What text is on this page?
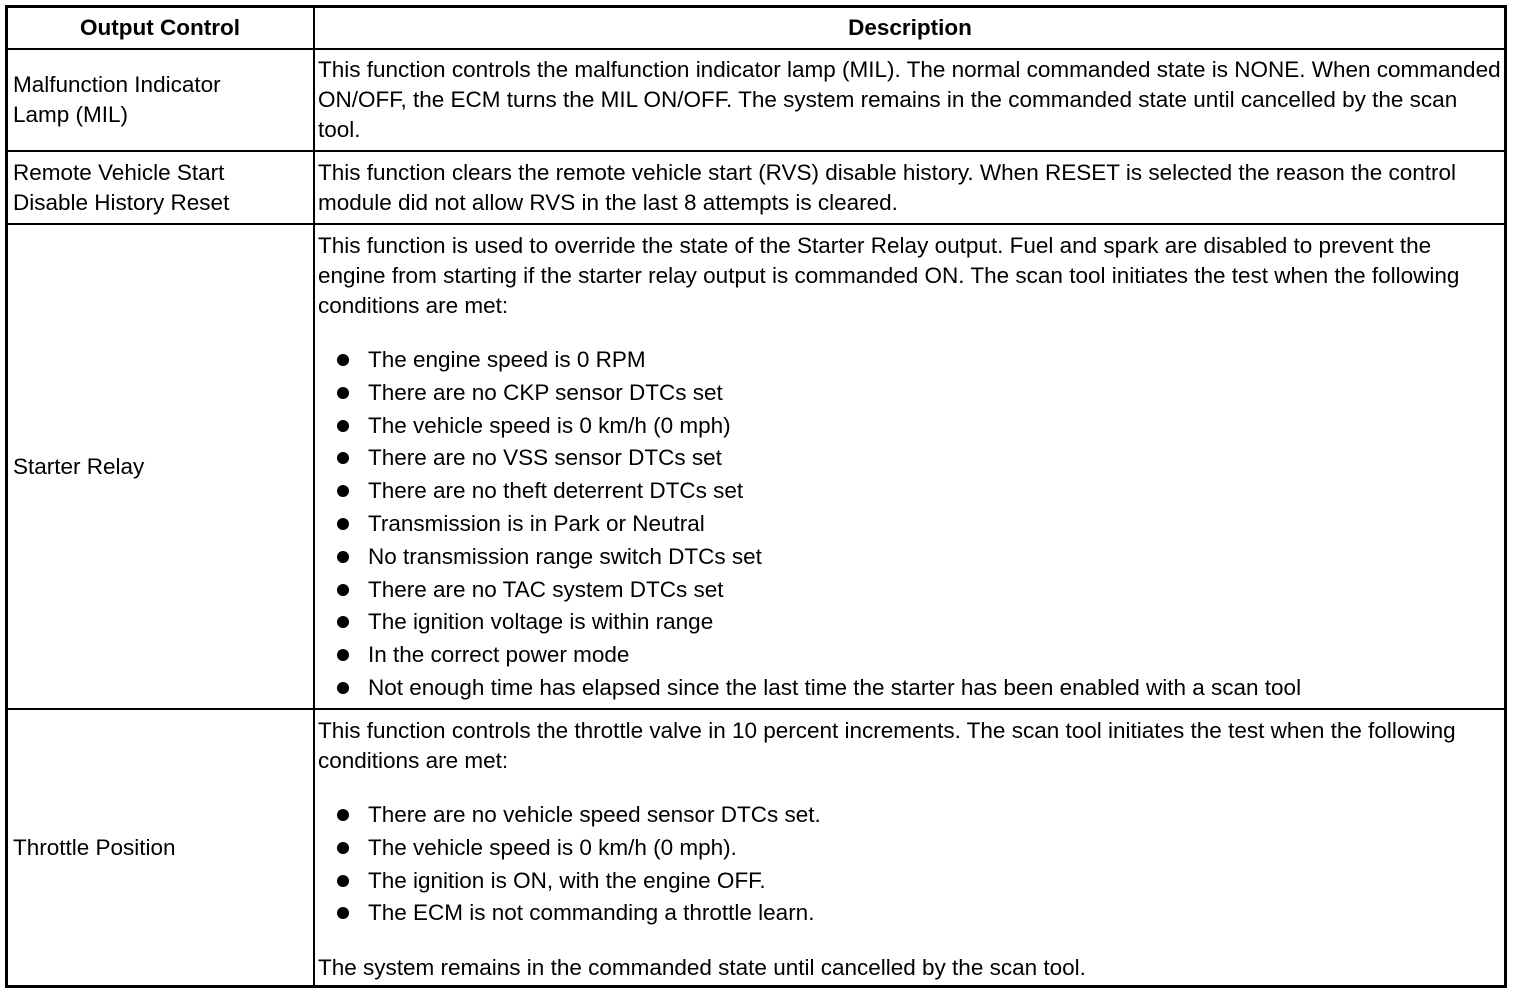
Output Control	Description
Malfunction Indicator Lamp (MIL)

This function controls the malfunction indicator lamp (MIL). The normal commanded state is NONE. When commanded ON/OFF, the ECM turns the MIL ON/OFF. The system remains in the commanded state until cancelled by the scan tool.

Remote Vehicle Start Disable History Reset

This function clears the remote vehicle start (RVS) disable history. When RESET is selected the reason the control module did not allow RVS in the last 8 attempts is cleared.

Starter Relay

This function is used to override the state of the Starter Relay output. Fuel and spark are disabled to prevent the engine from starting if the starter relay output is commanded ON. The scan tool initiates the test when the following conditions are met:

The engine speed is 0 RPM
There are no CKP sensor DTCs set
The vehicle speed is 0 km/h (0 mph)
There are no VSS sensor DTCs set
There are no theft deterrent DTCs set
Transmission is in Park or Neutral
No transmission range switch DTCs set
There are no TAC system DTCs set
The ignition voltage is within range
In the correct power mode
Not enough time has elapsed since the last time the starter has been enabled with a scan tool
Throttle Position

This function controls the throttle valve in 10 percent increments. The scan tool initiates the test when the following conditions are met:

There are no vehicle speed sensor DTCs set.
The vehicle speed is 0 km/h (0 mph).
The ignition is ON, with the engine OFF.
The ECM is not commanding a throttle learn.

The system remains in the commanded state until cancelled by the scan tool.
